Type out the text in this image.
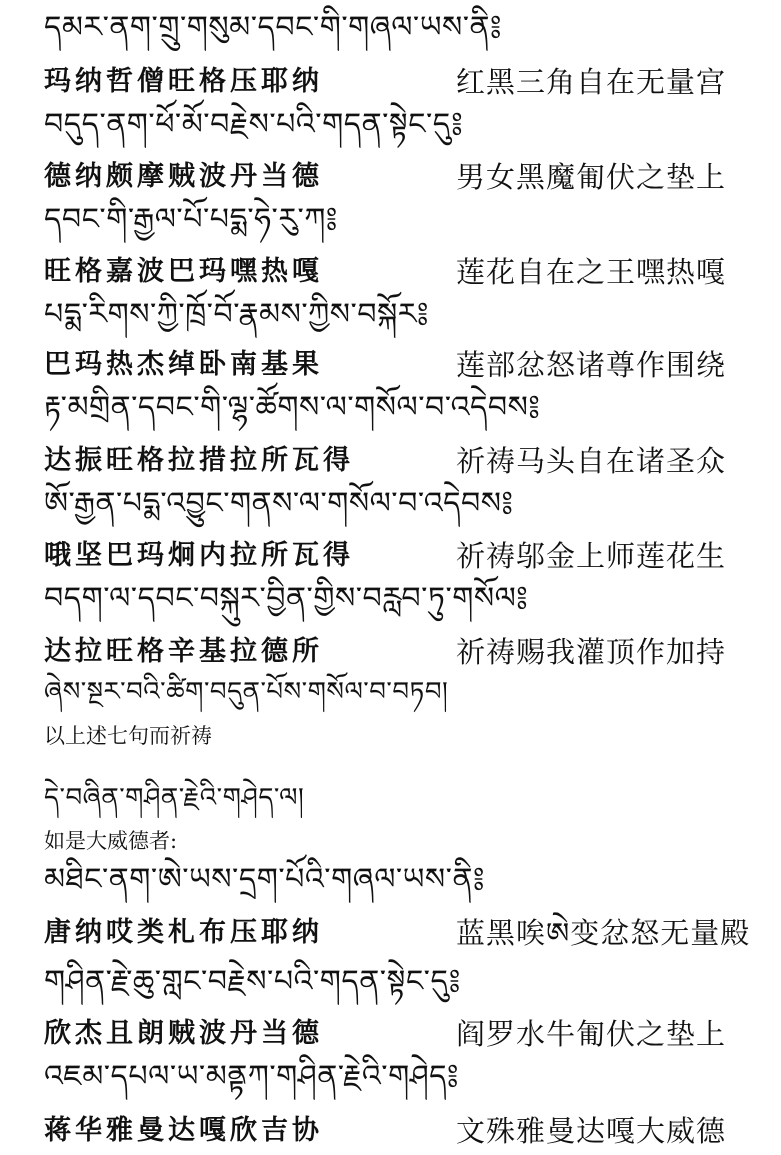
དམར་ནག་གྲུ་གསུམ་དབང་གི་གཞལ་ཡས་ནི༔
玛纳哲僧旺格压耶纳	红黑三角自在无量宫
བདུད་ནག་ཕོ་མོ་བརྗེས་པའི་གདན་སྟེང་དུ༔
德纳颇摩贼波丹当德	男女黑魔匍伏之垫上
དབང་གི་རྒྱལ་པོ་པདྨ་ཧེ་རུ་ཀ༔
旺格嘉波巴玛嘿热嘎	莲花自在之王嘿热嘎
པདྨ་རིགས་ཀྱི་ཁྲོ་བོ་རྣམས་ཀྱིས་བསྐོར༔
巴玛热杰绰卧南基果	莲部忿怒诸尊作围绕
རྟ་མགྲིན་དབང་གི་ལྷ་ཚོགས་ལ་གསོལ་བ་འདེབས༔
达振旺格拉措拉所瓦得	祈祷马头自在诸圣众
ཨོ་རྒྱན་པདྨ་འབྱུང་གནས་ལ་གསོལ་བ་འདེབས༔
哦坚巴玛炯内拉所瓦得	祈祷邬金上师莲花生
བདག་ལ་དབང་བསྐུར་བྱིན་གྱིས་བརླབ་ཏུ་གསོལ༔
达拉旺格辛基拉德所	祈祷赐我灌顶作加持
ཞེས་སྔར་བའི་ཚིག་བདུན་པོས་གསོལ་བ་བཏབ།
以上述七句而祈祷
དེ་བཞིན་གཤིན་རྗེའི་གཤེད་ལ།
如是大威德者:
མཐིང་ནག་ཨེ་ཡས་དྲག་པོའི་གཞལ་ཡས་ནི༔
唐纳哎类札布压耶纳	蓝黑唉ཨེ变忿怒无量殿
གཤིན་རྗེ་ཆུ་གླང་བརྗེས་པའི་གདན་སྟེང་དུ༔
欣杰且朗贼波丹当德	阎罗水牛匍伏之垫上
འཇམ་དཔལ་ཡ་མནྟཀ་གཤིན་རྗེའི་གཤེད༔
蒋华雅曼达嘎欣吉协	文殊雅曼达嘎大威德
